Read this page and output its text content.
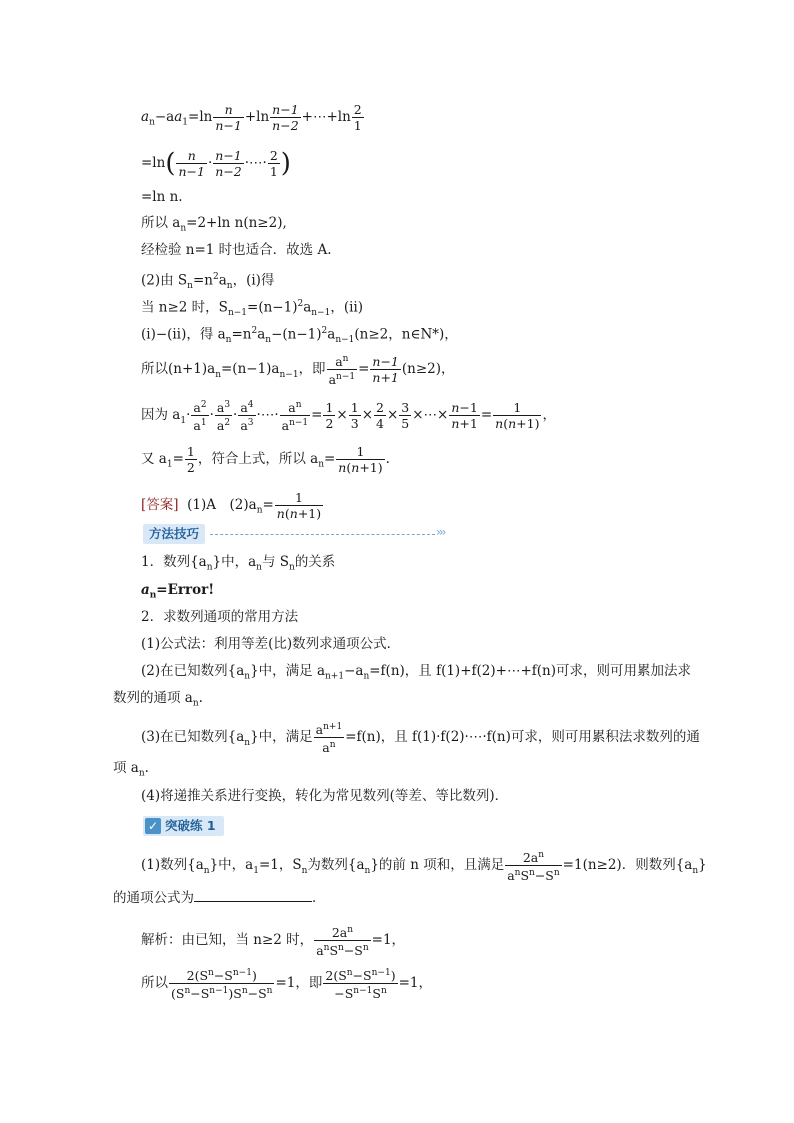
$a_n-aa_1=\ln \frac{n}{n-1} +\ln \frac{n-1}{n-2}$ +⋯+ln $\frac{2}{1}$
$=\ln( \frac{n}{n-1} \cdot \frac{n-1}{n-2}$ ·⋯· $\frac{2}{1}$ )
=ln n.
所以 $a_n=2+\ln$ n(n≥2),
经检验 n=1 时也适合．故选 A.
(2)由 $S_n=n^2a_n$，(ⅰ)得
当 n≥2 时，$S_{n-1}=(n-1)^2a_{n-1}$，(ⅱ)
(ⅰ)−(ⅱ)，得 $a_n=n^2a_n-(n-1)^2a_{n-1}(n\ge 2$，n∈N*)，
所以$(n+1)a_n=(n-1)a_{n-1}$，即 $\frac{a^n}{a^{n-1}} = \frac{n-1}{n+1} (n\ge 2)$，
因为 $a_1\cdot \frac{a^2}{a^1} \cdot \frac{a^3}{a^2} \cdot \frac{a^4}{a^3}$ ·⋯· $\frac{a^n}{a^{n-1}} = \frac{1}{2} \times \frac{1}{3} \times \frac{2}{4} \times \frac{3}{5}$ ×⋯× $\frac{n-1}{n+1} = \frac{1}{n(n+1)}$ ，
又 $a_1= \frac{1}{2}$ ，符合上式，所以 $a_n= \frac{1}{n(n+1)}$ .
[答案] (1)A　$(2)a_n= \frac{1}{n(n+1)}$
方法技巧	›››
1．数列$\{a_n\}$中，$a_n$与 $S_n$的关系
$a_n=Error$!
2．求数列通项的常用方法
(1)公式法：利用等差(比)数列求通项公式．
(2)在已知数列$\{a_n\}$中，满足 $a_{n+1}-a_n=f(n)$，且 f(1)+f(2)+⋯+f(n)可求，则可用累加法求
数列的通项 $a_n$.
(3)在已知数列$\{a_n\}$中，满足 $\frac{a^{n+1}}{a^n} =f(n)$，且 f(1)·f(2)·⋯·f(n)可求，则可用累积法求数列的通
项 $a_n$.
(4)将递推关系进行变换，转化为常见数列(等差、等比数列)．
✓ 突破练 1
(1)数列$\{a_n\}$中，$a_1=1$，$S_n$为数列$\{a_n\}$的前 n 项和，且满足 $\frac{2a^n}{a^nS^n-S^n} =1(n\ge 2)$．则数列$\{a_n\}$
的通项公式为	．
解析：由已知，当 n≥2 时， $\frac{2a^n}{a^nS^n-S^n} =1$，
所以 $\frac{2(S^n-S^{n-1})}{(S^n-S^{n-1})S^n-S^n} =1$，即 $\frac{2(S^n-S^{n-1})}{-S^{n-1}S^n} =1$，
